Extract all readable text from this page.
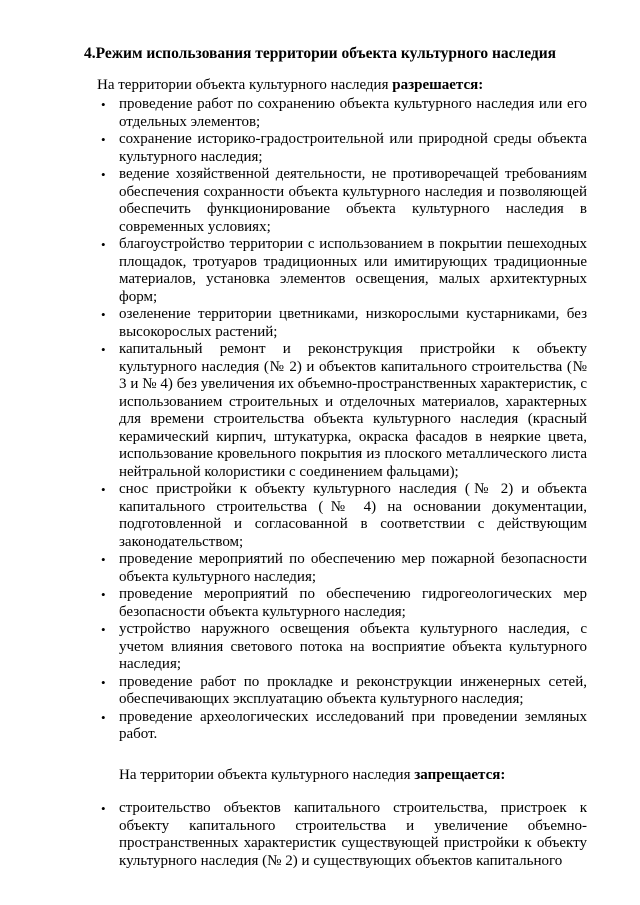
4.Режим использования территории объекта культурного наследия
На территории объекта культурного наследия разрешается:
• проведение работ по сохранению объекта культурного наследия или его отдельных элементов;
• сохранение историко-градостроительной или природной среды объекта культурного наследия;
• ведение хозяйственной деятельности, не противоречащей требованиям обеспечения сохранности объекта культурного наследия и позволяющей обеспечить функционирование объекта культурного наследия в современных условиях;
• благоустройство территории с использованием в покрытии пешеходных площадок, тротуаров традиционных или имитирующих традиционные материалов, установка элементов освещения, малых архитектурных форм;
• озеленение территории цветниками, низкорослыми кустарниками, без высокорослых растений;
• капитальный ремонт и реконструкция пристройки к объекту культурного наследия (№ 2) и объектов капитального строительства (№ 3 и № 4) без увеличения их объемно-пространственных характеристик, с использованием строительных и отделочных материалов, характерных для времени строительства объекта культурного наследия (красный керамический кирпич, штукатурка, окраска фасадов в неяркие цвета, использование кровельного покрытия из плоского металлического листа нейтральной колористики с соединением фальцами);
• снос пристройки к объекту культурного наследия (№ 2) и объекта капитального строительства (№ 4) на основании документации, подготовленной и согласованной в соответствии с действующим законодательством;
• проведение мероприятий по обеспечению мер пожарной безопасности объекта культурного наследия;
• проведение мероприятий по обеспечению гидрогеологических мер безопасности объекта культурного наследия;
• устройство наружного освещения объекта культурного наследия, с учетом влияния светового потока на восприятие объекта культурного наследия;
• проведение работ по прокладке и реконструкции инженерных сетей, обеспечивающих эксплуатацию объекта культурного наследия;
• проведение археологических исследований при проведении земляных работ.
На территории объекта культурного наследия запрещается:
• строительство объектов капитального строительства, пристроек к объекту капитального строительства и увеличение объемно-пространственных характеристик существующей пристройки к объекту культурного наследия (№ 2) и существующих объектов капитального
